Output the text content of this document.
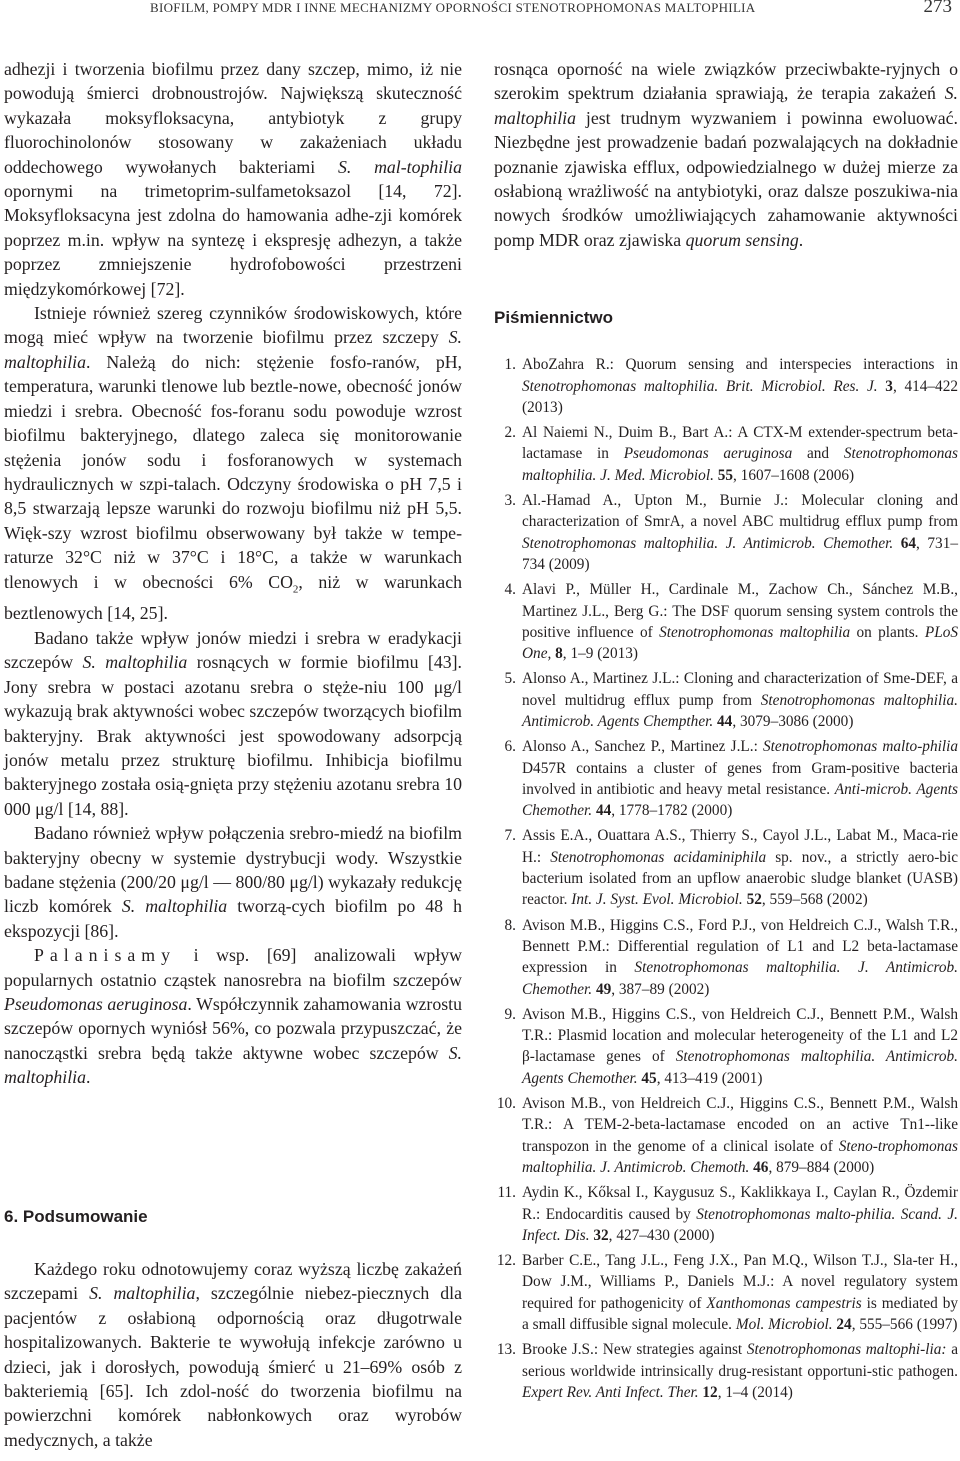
BIOFILM, POMPY MDR I INNE MECHANIZMY OPORNOŚCI STENOTROPHOMONAS MALTOPHILIA	273

adhezji i tworzenia biofilmu przez dany szczep, mimo, iż nie powodują śmierci drobnoustrojów. Największą skuteczność wykazała moksyfloksacyna, antybiotyk z grupy fluorochinolonów stosowany w zakażeniach układu oddechowego wywołanych bakteriami S. mal-tophilia opornymi na trimetoprim-sulfametoksazol [14, 72]. Moksyfloksacyna jest zdolna do hamowania adhe-zji komórek poprzez m.in. wpływ na syntezę i ekspresję adhezyn, a także poprzez zmniejszenie hydrofobowości przestrzeni międzykomórkowej [72].

Istnieje również szereg czynników środowiskowych, które mogą mieć wpływ na tworzenie biofilmu przez szczepy S. maltophilia. Należą do nich: stężenie fosfo-ranów, pH, temperatura, warunki tlenowe lub beztle-nowe, obecność jonów miedzi i srebra. Obecność fos-foranu sodu powoduje wzrost biofilmu bakteryjnego, dlatego zaleca się monitorowanie stężenia jonów sodu i fosforanowych w systemach hydraulicznych w szpi-talach. Odczyny środowiska o pH 7,5 i 8,5 stwarzają lepsze warunki do rozwoju biofilmu niż pH 5,5. Więk-szy wzrost biofilmu obserwowany był także w tempe-raturze 32°C niż w 37°C i 18°C, a także w warunkach tlenowych i w obecności 6% $CO_2$, niż w warunkach beztlenowych [14, 25].

Badano także wpływ jonów miedzi i srebra w eradykacji szczepów S. maltophilia rosnących w formie biofilmu [43]. Jony srebra w postaci azotanu srebra o stęże-niu 100 μg/l wykazują brak aktywności wobec szczepów tworzących biofilm bakteryjny. Brak aktywności jest spowodowany adsorpcją jonów metalu przez strukturę biofilmu. Inhibicja biofilmu bakteryjnego została osią-gnięta przy stężeniu azotanu srebra 10 000 μg/l [14, 88].

Badano również wpływ połączenia srebro-miedź na biofilm bakteryjny obecny w systemie dystrybucji wody. Wszystkie badane stężenia (200/20 μg/l — 800/80 μg/l) wykazały redukcję liczb komórek S. maltophilia tworzą-cych biofilm po 48 h ekspozycji [86].

Palanisamy i wsp. [69] analizowali wpływ popularnych ostatnio cząstek nanosrebra na biofilm szczepów Pseudomonas aeruginosa. Współczynnik zahamowania wzrostu szczepów opornych wyniósł 56%, co pozwala przypuszczać, że nanocząstki srebra będą także aktywne wobec szczepów S. maltophilia.

6. Podsumowanie

Każdego roku odnotowujemy coraz wyższą liczbę zakażeń szczepami S. maltophilia, szczególnie niebez-piecznych dla pacjentów z osłabioną odpornością oraz długotrwale hospitalizowanych. Bakterie te wywołują infekcje zarówno u dzieci, jak i dorosłych, powodują śmierć u 21–69% osób z bakteriemią [65]. Ich zdol-ność do tworzenia biofilmu na powierzchni komórek nabłonkowych oraz wyrobów medycznych, a także

rosnąca oporność na wiele związków przeciwbakte-ryjnych o szerokim spektrum działania sprawiają, że terapia zakażeń S. maltophilia jest trudnym wyzwaniem i powinna ewoluować. Niezbędne jest prowadzenie badań pozwalających na dokładnie poznanie zjawiska efflux, odpowiedzialnego w dużej mierze za osłabioną wrażliwość na antybiotyki, oraz dalsze poszukiwa-nia nowych środków umożliwiających zahamowanie aktywności pomp MDR oraz zjawiska quorum sensing.

Piśmiennictwo
1. AboZahra R.: Quorum sensing and interspecies interactions in Stenotrophomonas maltophilia. Brit. Microbiol. Res. J. 3, 414–422 (2013)
2. Al Naiemi N., Duim B., Bart A.: A CTX-M extender-spectrum beta-lactamase in Pseudomonas aeruginosa and Stenotrophomonas maltophilia. J. Med. Microbiol. 55, 1607–1608 (2006)
3. Al.-Hamad A., Upton M., Burnie J.: Molecular cloning and characterization of SmrA, a novel ABC multidrug efflux pump from Stenotrophomonas maltophilia. J. Antimicrob. Chemother. 64, 731–734 (2009)
4. Alavi P., Müller H., Cardinale M., Zachow Ch., Sánchez M.B., Martinez J.L., Berg G.: The DSF quorum sensing system controls the positive influence of Stenotrophomonas maltophilia on plants. PLoS One, 8, 1–9 (2013)
5. Alonso A., Martinez J.L.: Cloning and characterization of Sme-DEF, a novel multidrug efflux pump from Stenotrophomonas maltophilia. Antimicrob. Agents Chempther. 44, 3079–3086 (2000)
6. Alonso A., Sanchez P., Martinez J.L.: Stenotrophomonas malto-philia D457R contains a cluster of genes from Gram-positive bacteria involved in antibiotic and heavy metal resistance. Anti-microb. Agents Chemother. 44, 1778–1782 (2000)
7. Assis E.A., Ouattara A.S., Thierry S., Cayol J.L., Labat M., Maca-rie H.: Stenotrophomonas acidaminiphila sp. nov., a strictly aero-bic bacterium isolated from an upflow anaerobic sludge blanket (UASB) reactor. Int. J. Syst. Evol. Microbiol. 52, 559–568 (2002)
8. Avison M.B., Higgins C.S., Ford P.J., von Heldreich C.J., Walsh T.R., Bennett P.M.: Differential regulation of L1 and L2 beta-lactamase expression in Stenotrophomonas maltophilia. J. Antimicrob. Chemother. 49, 387–89 (2002)
9. Avison M.B., Higgins C.S., von Heldreich C.J., Bennett P.M., Walsh T.R.: Plasmid location and molecular heterogeneity of the L1 and L2 β-lactamase genes of Stenotrophomonas maltophilia. Antimicrob. Agents Chemother. 45, 413–419 (2001)
10. Avison M.B., von Heldreich C.J., Higgins C.S., Bennett P.M., Walsh T.R.: A TEM-2-beta-lactamase encoded on an active Tn1--like transpozon in the genome of a clinical isolate of Steno-trophomonas maltophilia. J. Antimicrob. Chemoth. 46, 879–884 (2000)
11. Aydin K., Kőksal I., Kaygusuz S., Kaklikkaya I., Caylan R., Özdemir R.: Endocarditis caused by Stenotrophomonas malto-philia. Scand. J. Infect. Dis. 32, 427–430 (2000)
12. Barber C.E., Tang J.L., Feng J.X., Pan M.Q., Wilson T.J., Sla-ter H., Dow J.M., Williams P., Daniels M.J.: A novel regulatory system required for pathogenicity of Xanthomonas campestris is mediated by a small diffusible signal molecule. Mol. Microbiol. 24, 555–566 (1997)
13. Brooke J.S.: New strategies against Stenotrophomonas maltophi-lia: a serious worldwide intrinsically drug-resistant opportuni-stic pathogen. Expert Rev. Anti Infect. Ther. 12, 1–4 (2014)
